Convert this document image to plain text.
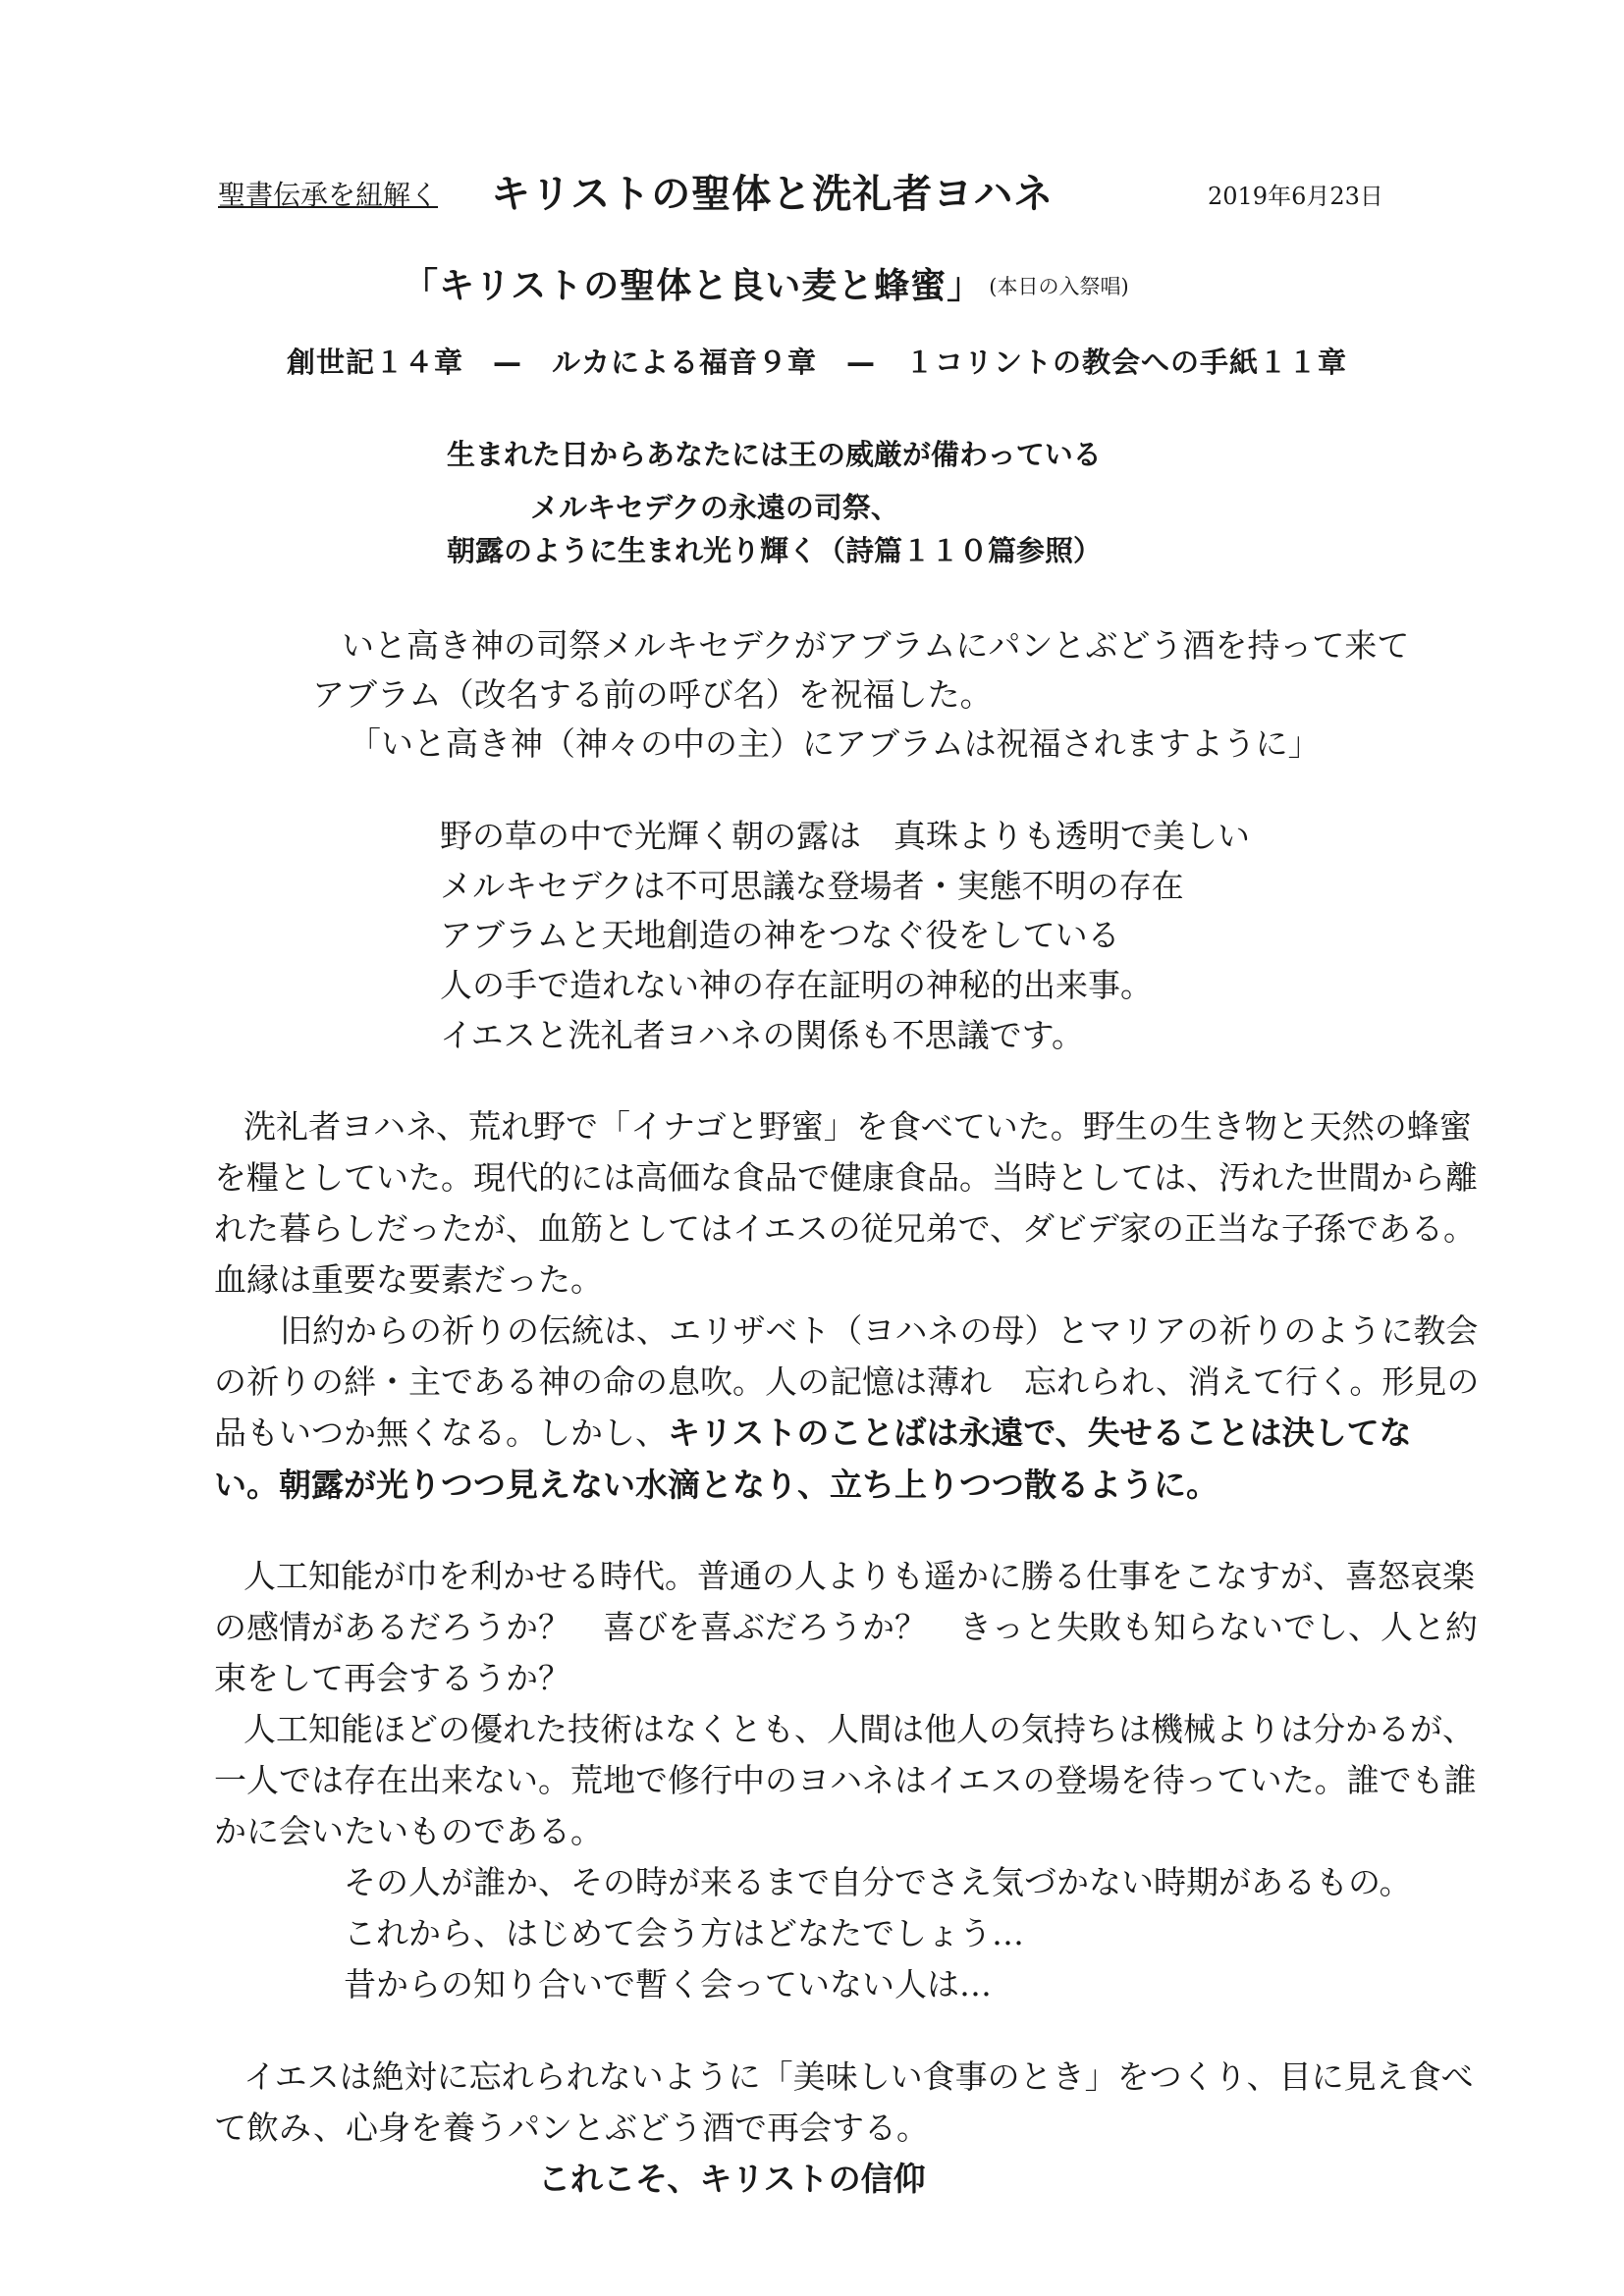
聖書伝承を紐解く キリストの聖体と洗礼者ヨハネ	2019年6月23日
「キリストの聖体と良い麦と蜂蜜」 (本日の入祭唱)
創世記１４章　—　ルカによる福音９章　—　１コリントの教会への手紙１１章
生まれた日からあなたには王の威厳が備わっている
メルキセデクの永遠の司祭、
朝露のように生まれ光り輝く（詩篇１１０篇参照）
いと高き神の司祭メルキセデクがアブラムにパンとぶどう酒を持って来て
アブラム（改名する前の呼び名）を祝福した。
「いと高き神（神々の中の主）にアブラムは祝福されますように」
野の草の中で光輝く朝の露は　真珠よりも透明で美しい
メルキセデクは不可思議な登場者・実態不明の存在
アブラムと天地創造の神をつなぐ役をしている
人の手で造れない神の存在証明の神秘的出来事。
イエスと洗礼者ヨハネの関係も不思議です。
洗礼者ヨハネ、荒れ野で「イナゴと野蜜」を食べていた。野生の生き物と天然の蜂蜜
を糧としていた。現代的には高価な食品で健康食品。当時としては、汚れた世間から離
れた暮らしだったが、血筋としてはイエスの従兄弟で、ダビデ家の正当な子孫である。
血縁は重要な要素だった。
旧約からの祈りの伝統は、エリザベト（ヨハネの母）とマリアの祈りのように教会
の祈りの絆・主である神の命の息吹。人の記憶は薄れ　忘れられ、消えて行く。形見の
品もいつか無くなる。しかし、キリストのことばは永遠で、失せることは決してな
い。朝露が光りつつ見えない水滴となり、立ち上りつつ散るように。
人工知能が巾を利かせる時代。普通の人よりも遥かに勝る仕事をこなすが、喜怒哀楽
の感情があるだろうか？　喜びを喜ぶだろうか？　きっと失敗も知らないでし、人と約
束をして再会するうか？
人工知能ほどの優れた技術はなくとも、人間は他人の気持ちは機械よりは分かるが、
一人では存在出来ない。荒地で修行中のヨハネはイエスの登場を待っていた。誰でも誰
かに会いたいものである。
その人が誰か、その時が来るまで自分でさえ気づかない時期があるもの。
これから、はじめて会う方はどなたでしょう…
昔からの知り合いで暫く会っていない人は…
イエスは絶対に忘れられないように「美味しい食事のとき」をつくり、目に見え食べ
て飲み、心身を養うパンとぶどう酒で再会する。
これこそ、キリストの信仰
